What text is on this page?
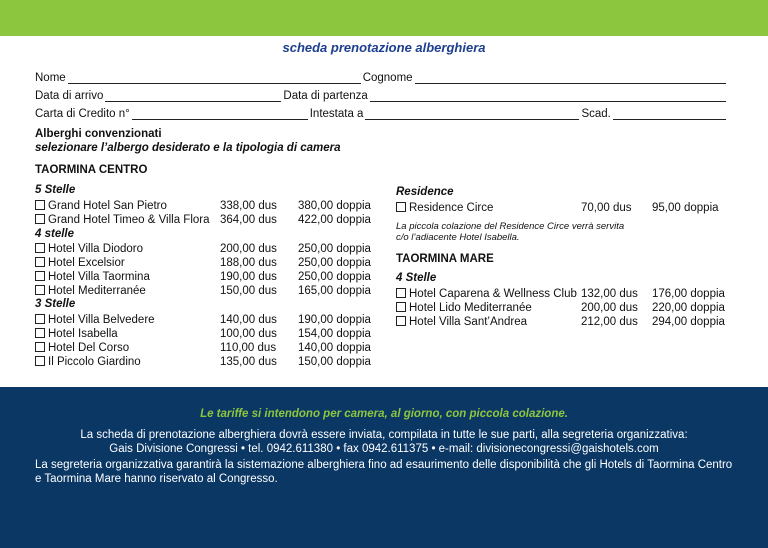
scheda prenotazione alberghiera
Nome	Cognome
Data di arrivo	Data di partenza
Carta di Credito n°	Intestata a	Scad.
Alberghi convenzionati
selezionare l’albergo desiderato e la tipologia di camera
TAORMINA CENTRO
5 Stelle
Grand Hotel San Pietro	338,00 dus 380,00 doppia
Grand Hotel Timeo & Villa Flora 364,00 dus 422,00 doppia
4 stelle
Hotel Villa Diodoro	200,00 dus 250,00 doppia
Hotel Excelsior	188,00 dus 250,00 doppia
Hotel Villa Taormina	190,00 dus 250,00 doppia
Hotel Mediterranée	150,00 dus 165,00 doppia
3 Stelle
Hotel Villa Belvedere	140,00 dus 190,00 doppia
Hotel Isabella	100,00 dus 154,00 doppia
Hotel Del Corso	110,00 dus 140,00 doppia
Il Piccolo Giardino	135,00 dus 150,00 doppia
Residence
Residence Circe	70,00 dus 95,00 doppia
La piccola colazione del Residence Circe verrà servita
c/o l’adiacente Hotel Isabella.
TAORMINA MARE
4 Stelle
Hotel Caparena & Wellness Club 132,00 dus 176,00 doppia
Hotel Lido Mediterranée	200,00 dus 220,00 doppia
Hotel Villa Sant’Andrea	212,00 dus 294,00 doppia
Le tariffe si intendono per camera, al giorno, con piccola colazione.
La scheda di prenotazione alberghiera dovrà essere inviata, compilata in tutte le sue parti, alla segreteria organizzativa:
Gais Divisione Congressi • tel. 0942.611380 • fax 0942.611375 • e-mail: divisionecongressi@gaishotels.com
La segreteria organizzativa garantirà la sistemazione alberghiera fino ad esaurimento delle disponibilità che gli Hotels di Taormina Centro e Taormina Mare hanno riservato al Congresso.
